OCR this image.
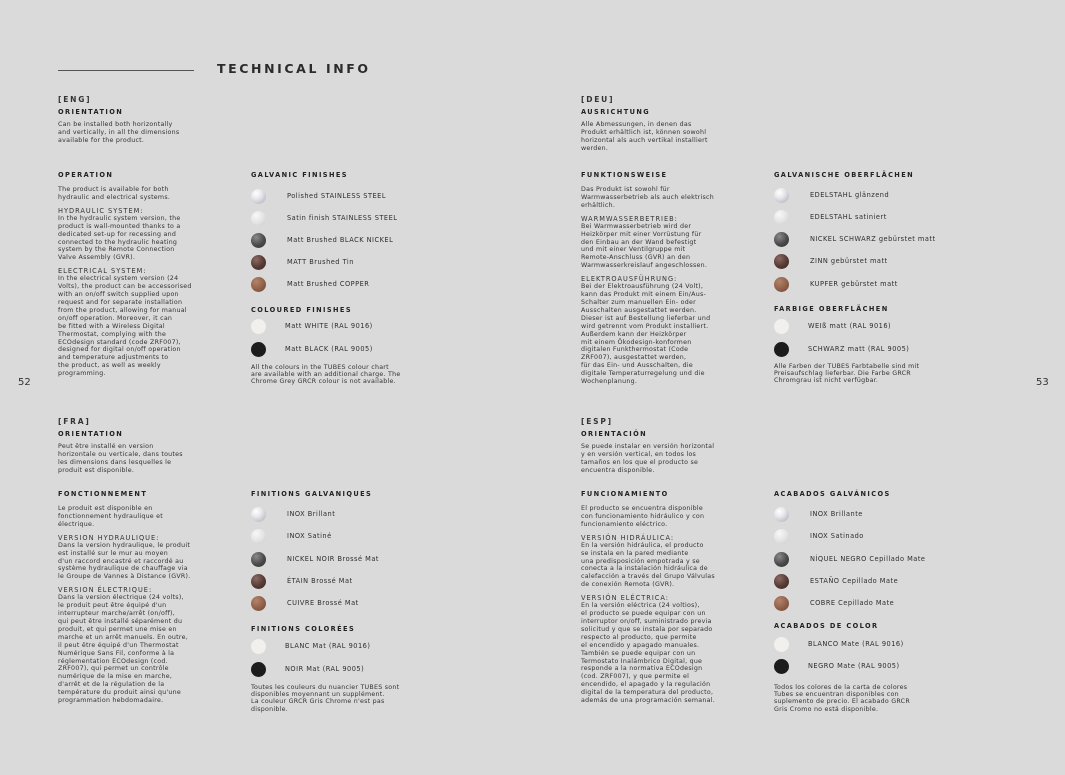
TECHNICAL INFO
52	53
[ENG]
ORIENTATION

Can be installed both horizontally
and vertically, in all the dimensions
available for the product.

OPERATION

The product is available for both
hydraulic and electrical systems.

HYDRAULIC SYSTEM:

In the hydraulic system version, the
product is wall-mounted thanks to a
dedicated set-up for recessing and
connected to the hydraulic heating
system by the Remote Connection
Valve Assembly (GVR).

ELECTRICAL SYSTEM:

In the electrical system version (24
Volts), the product can be accessorised
with an on/off switch supplied upon
request and for separate installation
from the product, allowing for manual
on/off operation. Moreover, it can
be fitted with a Wireless Digital
Thermostat, complying with the
ECOdesign standard (code ZRF007),
designed for digital on/off operation
and temperature adjustments to
the product, as well as weekly
programming.

GALVANIC FINISHES
Polished STAINLESS STEEL
Satin finish STAINLESS STEEL
Matt Brushed BLACK NICKEL
MATT Brushed Tin
Matt Brushed COPPER
COLOURED FINISHES
Matt WHITE (RAL 9016)
Matt BLACK (RAL 9005)
All the colours in the TUBES colour chart
are available with an additional charge. The
Chrome Grey GRCR colour is not available.
[DEU]
AUSRICHTUNG

Alle Abmessungen, in denen das
Produkt erhältlich ist, können sowohl
horizontal als auch vertikal installiert
werden.

FUNKTIONSWEISE

Das Produkt ist sowohl für
Warmwasserbetrieb als auch elektrisch
erhältlich.

WARMWASSERBETRIEB:

Bei Warmwasserbetrieb wird der
Heizkörper mit einer Vorrüstung für
den Einbau an der Wand befestigt
und mit einer Ventilgruppe mit
Remote-Anschluss (GVR) an den
Warmwasserkreislauf angeschlossen.

ELEKTROAUSFÜHRUNG:

Bei der Elektroausführung (24 Volt),
kann das Produkt mit einem Ein/Aus-
Schalter zum manuellen Ein- oder
Ausschalten ausgestattet werden.
Dieser ist auf Bestellung lieferbar und
wird getrennt vom Produkt installiert.
Außerdem kann der Heizkörper
mit einem Ökodesign-konformen
digitalen Funkthermostat (Code
ZRF007), ausgestattet werden,
für das Ein- und Ausschalten, die
digitale Temperaturregelung und die
Wochenplanung.

GALVANISCHE OBERFLÄCHEN
EDELSTAHL glänzend
EDELSTAHL satiniert
NICKEL SCHWARZ gebürstet matt
ZINN gebürstet matt
KUPFER gebürstet matt
FARBIGE OBERFLÄCHEN
WEIß matt (RAL 9016)
SCHWARZ matt (RAL 9005)
Alle Farben der TUBES Farbtabelle sind mit
Preisaufschlag lieferbar. Die Farbe GRCR
Chromgrau ist nicht verfügbar.
[FRA]
ORIENTATION

Peut être installé en version
horizontale ou verticale, dans toutes
les dimensions dans lesquelles le
produit est disponible.

FONCTIONNEMENT

Le produit est disponible en
fonctionnement hydraulique et
électrique.

VERSION HYDRAULIQUE:

Dans la version hydraulique, le produit
est installé sur le mur au moyen
d'un raccord encastré et raccordé au
système hydraulique de chauffage via
le Groupe de Vannes à Distance (GVR).

VERSION ÉLECTRIQUE:

Dans la version électrique (24 volts),
le produit peut être équipé d'un
interrupteur marche/arrêt (on/off),
qui peut être installé séparément du
produit, et qui permet une mise en
marche et un arrêt manuels. En outre,
il peut être équipé d'un Thermostat
Numérique Sans Fil, conforme à la
réglementation ECOdesign (cod.
ZRF007), qui permet un contrôle
numérique de la mise en marche,
d'arrêt et de la régulation de la
température du produit ainsi qu'une
programmation hebdomadaire.

FINITIONS GALVANIQUES
INOX Brillant
INOX Satiné
NICKEL NOIR Brossé Mat
ÉTAIN Brossé Mat
CUIVRE Brossé Mat
FINITIONS COLORÉES
BLANC Mat (RAL 9016)
NOIR Mat (RAL 9005)
Toutes les couleurs du nuancier TUBES sont
disponibles moyennant un supplément.
La couleur GRCR Gris Chrome n'est pas
disponible.
[ESP]
ORIENTACIÓN

Se puede instalar en versión horizontal
y en versión vertical, en todos los
tamaños en los que el producto se
encuentra disponible.

FUNCIONAMIENTO

El producto se encuentra disponible
con funcionamiento hidráulico y con
funcionamiento eléctrico.

VERSIÓN HIDRÁULICA:

En la versión hidráulica, el producto
se instala en la pared mediante
una predisposición empotrada y se
conecta a la instalación hidráulica de
calefacción a través del Grupo Válvulas
de conexión Remota (GVR).

VERSIÓN ELÉCTRICA:

En la versión eléctrica (24 voltios),
el producto se puede equipar con un
interruptor on/off, suministrado previa
solicitud y que se instala por separado
respecto al producto, que permite
el encendido y apagado manuales.
También se puede equipar con un
Termostato Inalámbrico Digital, que
responde a la normativa ECOdesign
(cod. ZRF007), y que permite el
encendido, el apagado y la regulación
digital de la temperatura del producto,
además de una programación semanal.

ACABADOS GALVÁNICOS
INOX Brillante
INOX Satinado
NÍQUEL NEGRO Cepillado Mate
ESTAÑO Cepillado Mate
COBRE Cepillado Mate
ACABADOS DE COLOR
BLANCO Mate (RAL 9016)
NEGRO Mate (RAL 9005)
Todos los colores de la carta de colores
Tubes se encuentran disponibles con
suplemento de precio. El acabado GRCR
Gris Cromo no está disponible.
